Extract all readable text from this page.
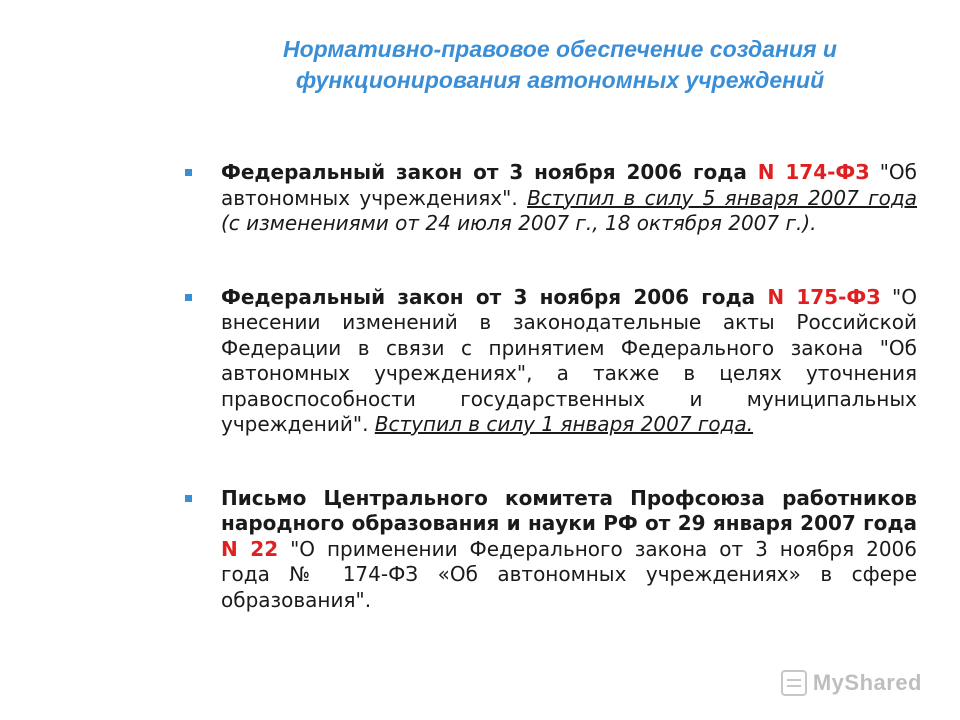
Нормативно-правовое обеспечение создания и
функционирования автономных учреждений
Федеральный закон от 3 ноября 2006 года N 174-ФЗ "Об автономных учреждениях". Вступил в силу 5 января 2007 года (с изменениями от 24 июля 2007 г., 18 октября 2007 г.).
Федеральный закон от 3 ноября 2006 года N 175-ФЗ "О внесении изменений в законодательные акты Российской Федерации в связи с принятием Федерального закона "Об автономных учреждениях", а также в целях уточнения правоспособности государственных и муниципальных учреждений". Вступил в силу 1 января 2007 года.
Письмо Центрального комитета Профсоюза работников народного образования и науки РФ от 29 января 2007 года N 22 "О применении Федерального закона от 3 ноября 2006 года № 174-ФЗ «Об автономных учреждениях» в сфере образования".
MyShared
